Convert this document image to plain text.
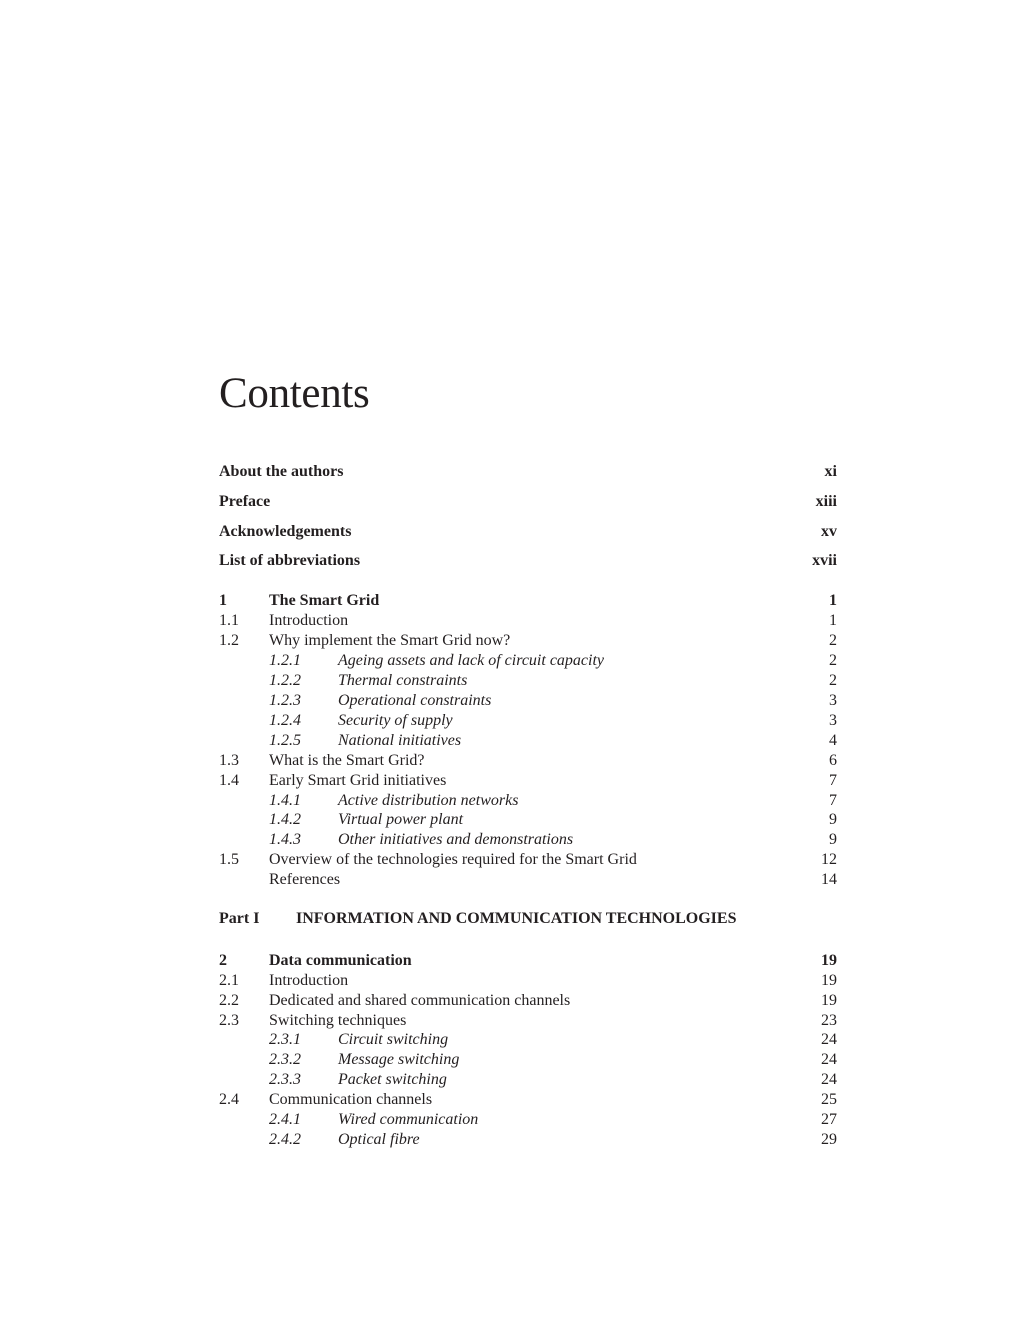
Contents
About the authors	xi
Preface	xiii
Acknowledgements	xv
List of abbreviations	xvii
1	The Smart Grid	1
1.1 Introduction	1
1.2 Why implement the Smart Grid now?	2
1.2.1 Ageing assets and lack of circuit capacity	2
1.2.2 Thermal constraints	2
1.2.3 Operational constraints	3
1.2.4 Security of supply	3
1.2.5 National initiatives	4
1.3 What is the Smart Grid?	6
1.4 Early Smart Grid initiatives	7
1.4.1 Active distribution networks	7
1.4.2 Virtual power plant	9
1.4.3 Other initiatives and demonstrations	9
1.5 Overview of the technologies required for the Smart Grid	12
References	14
Part I INFORMATION AND COMMUNICATION TECHNOLOGIES
2	Data communication	19
2.1 Introduction	19
2.2 Dedicated and shared communication channels	19
2.3 Switching techniques	23
2.3.1 Circuit switching	24
2.3.2 Message switching	24
2.3.3 Packet switching	24
2.4 Communication channels	25
2.4.1 Wired communication	27
2.4.2 Optical fibre	29
